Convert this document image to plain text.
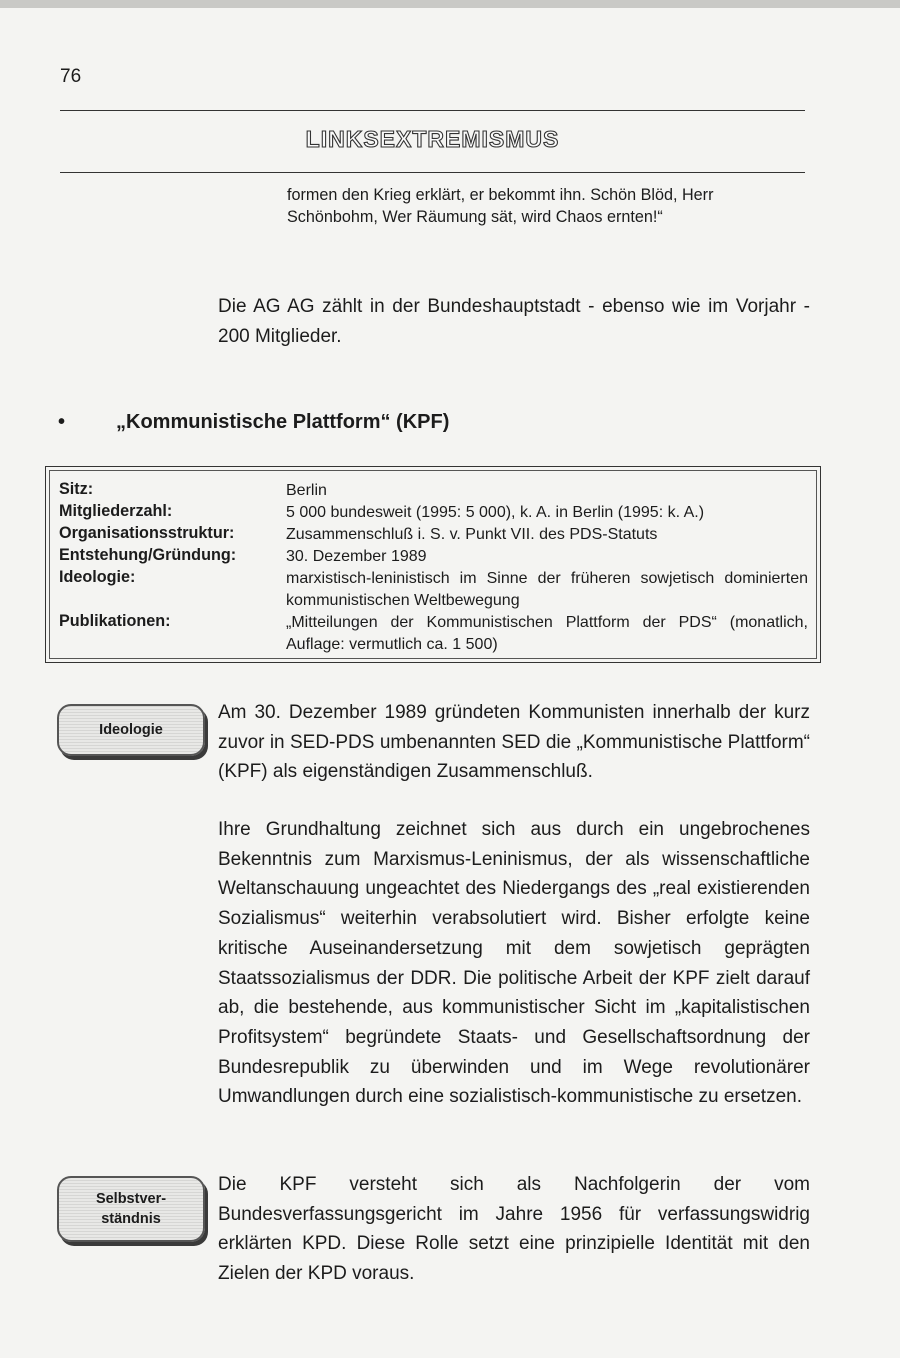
76
LINKSEXTREMISMUS
formen den Krieg erklärt, er bekommt ihn. Schön Blöd, Herr Schönbohm, Wer Räumung sät, wird Chaos ernten!“
Die AG AG zählt in der Bundeshauptstadt - ebenso wie im Vorjahr - 200 Mitglieder.
•	„Kommunistische Plattform“ (KPF)
Sitz:	Berlin
Mitgliederzahl:	5 000 bundesweit (1995: 5 000), k. A. in Berlin (1995: k. A.)
Organisationsstruktur:	Zusammenschluß i. S. v. Punkt VII. des PDS-Statuts
Entstehung/Gründung:	30. Dezember 1989
Ideologie:	marxistisch-leninistisch im Sinne der früheren sowjetisch dominierten kommunistischen Weltbewegung
Publikationen:	„Mitteilungen der Kommunistischen Plattform der PDS“ (monatlich, Auflage: vermutlich ca. 1 500)
Ideologie
Am 30. Dezember 1989 gründeten Kommunisten innerhalb der kurz zuvor in SED-PDS umbenannten SED die „Kommunistische Plattform“ (KPF) als eigenständigen Zusammenschluß.
Ihre Grundhaltung zeichnet sich aus durch ein ungebrochenes Bekenntnis zum Marxismus-Leninismus, der als wissenschaftliche Weltanschauung ungeachtet des Niedergangs des „real existierenden Sozialismus“ weiterhin verabsolutiert wird. Bisher erfolgte keine kritische Auseinandersetzung mit dem sowjetisch geprägten Staatssozialismus der DDR. Die politische Arbeit der KPF zielt darauf ab, die bestehende, aus kommunistischer Sicht im „kapitalistischen Profitsystem“ begründete Staats- und Gesellschaftsordnung der Bundesrepublik zu überwinden und im Wege revolutionärer Umwandlungen durch eine sozialistisch-kommunistische zu ersetzen.
Selbstver-
ständnis
Die KPF versteht sich als Nachfolgerin der vom Bundesverfassungsgericht im Jahre 1956 für verfassungswidrig erklärten KPD. Diese Rolle setzt eine prinzipielle Identität mit den Zielen der KPD voraus.
